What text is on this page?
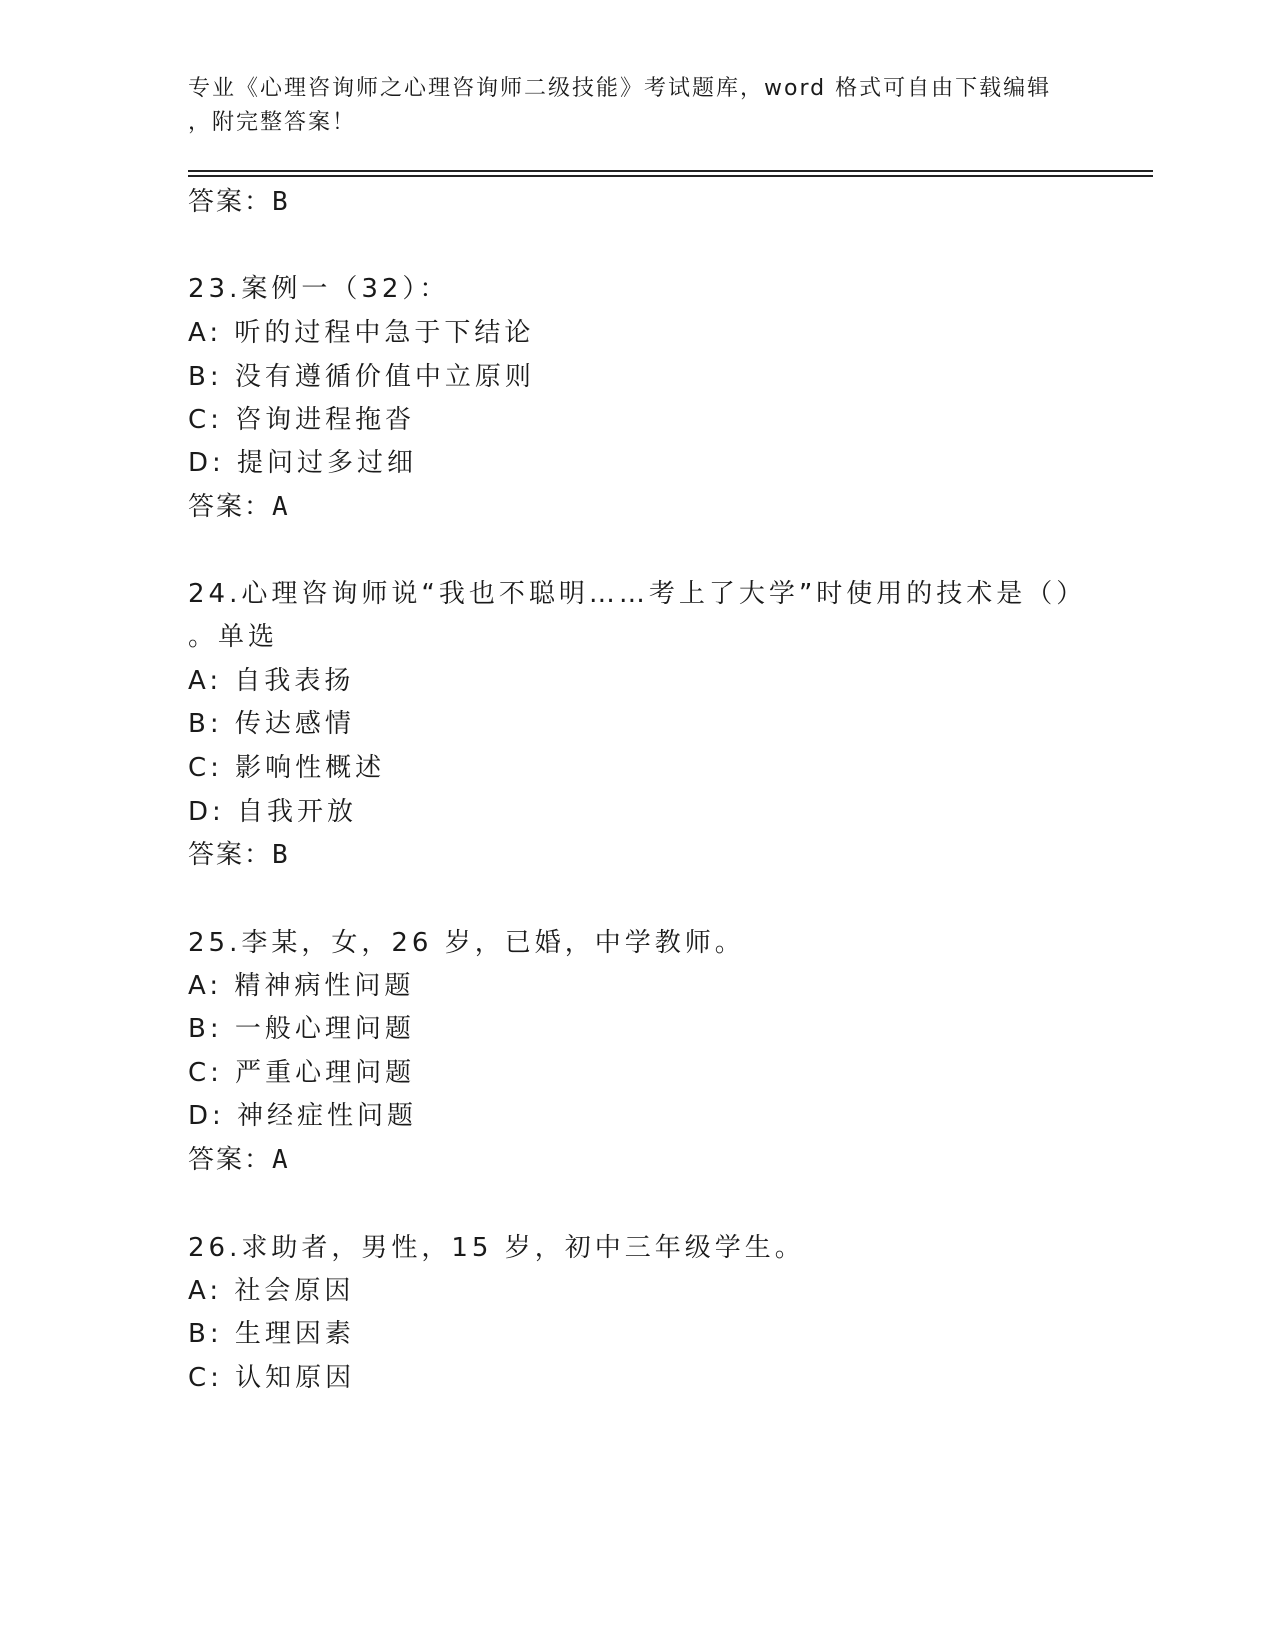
专业《心理咨询师之心理咨询师二级技能》考试题库，word 格式可自由下载编辑
，附完整答案！
答案：B
23.案例一（32）：
A: 听的过程中急于下结论
B: 没有遵循价值中立原则
C: 咨询进程拖沓
D: 提问过多过细
答案：A
24.心理咨询师说“我也不聪明……考上了大学”时使用的技术是（）
。单选
A: 自我表扬
B: 传达感情
C: 影响性概述
D: 自我开放
答案：B
25.李某，女，26 岁，已婚，中学教师。
A: 精神病性问题
B: 一般心理问题
C: 严重心理问题
D: 神经症性问题
答案：A
26.求助者，男性，15 岁，初中三年级学生。
A: 社会原因
B: 生理因素
C: 认知原因
